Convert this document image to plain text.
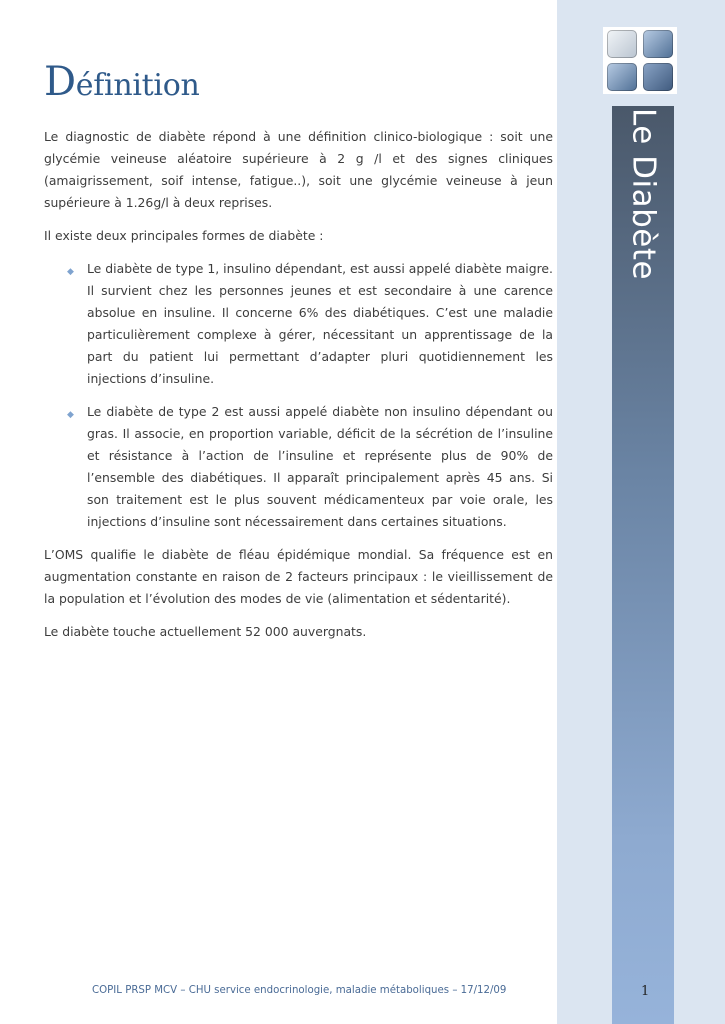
Le Diabète
Définition

Le diagnostic de diabète répond à une définition clinico-biologique : soit une glycémie veineuse aléatoire supérieure à 2 g /l et des signes cliniques (amaigrissement, soif intense, fatigue..), soit une glycémie veineuse à jeun supérieure à 1.26g/l à deux reprises.

Il existe deux principales formes de diabète :

◆ Le diabète de type 1, insulino dépendant, est aussi appelé diabète maigre. Il survient chez les personnes jeunes et est secondaire à une carence absolue en insuline. Il concerne 6% des diabétiques. C’est une maladie particulièrement complexe à gérer, nécessitant un apprentissage de la part du patient lui permettant d’adapter pluri quotidiennement les injections d’insuline.
◆ Le diabète de type 2 est aussi appelé diabète non insulino dépendant ou gras. Il associe, en proportion variable, déficit de la sécrétion de l’insuline et résistance à l’action de l’insuline et représente plus de 90% de l’ensemble des diabétiques. Il apparaît principalement après 45 ans. Si son traitement est le plus souvent médicamenteux par voie orale, les injections d’insuline sont nécessairement dans certaines situations.

L’OMS qualifie le diabète de fléau épidémique mondial. Sa fréquence est en augmentation constante en raison de 2 facteurs principaux : le vieillissement de la population et l’évolution des modes de vie (alimentation et sédentarité).

Le diabète touche actuellement 52 000 auvergnats.

COPIL PRSP MCV – CHU service endocrinologie, maladie métaboliques – 17/12/09	1
